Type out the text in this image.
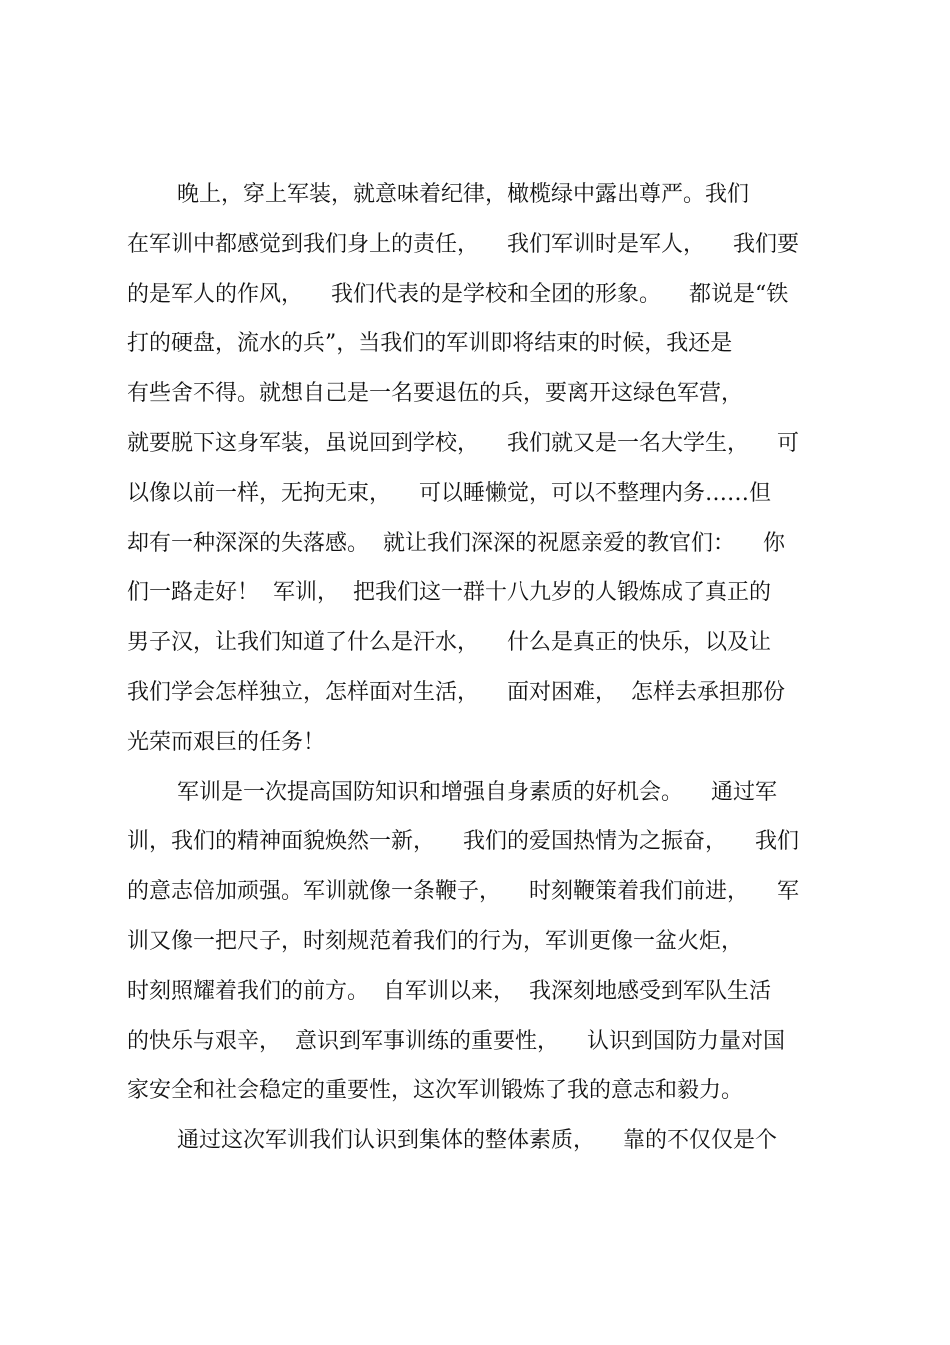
晚上，穿上军装，就意味着纪律，橄榄绿中露出尊严。我们
在军训中都感觉到我们身上的责任，    我们军训时是军人，    我们要
的是军人的作风，    我们代表的是学校和全团的形象。    都说是“铁
打的硬盘，流水的兵”，当我们的军训即将结束的时候，我还是
有些舍不得。就想自己是一名要退伍的兵，要离开这绿色军营，
就要脱下这身军装，虽说回到学校，    我们就又是一名大学生，    可
以像以前一样，无拘无束，    可以睡懒觉，可以不整理内务……但
却有一种深深的失落感。  就让我们深深的祝愿亲爱的教官们：    你
们一路走好！  军训，  把我们这一群十八九岁的人锻炼成了真正的
男子汉，让我们知道了什么是汗水，    什么是真正的快乐，以及让
我们学会怎样独立，怎样面对生活，    面对困难，  怎样去承担那份
光荣而艰巨的任务！
军训是一次提高国防知识和增强自身素质的好机会。    通过军
训，我们的精神面貌焕然一新，    我们的爱国热情为之振奋，    我们
的意志倍加顽强。军训就像一条鞭子，    时刻鞭策着我们前进，    军
训又像一把尺子，时刻规范着我们的行为，军训更像一盆火炬，
时刻照耀着我们的前方。  自军训以来，  我深刻地感受到军队生活
的快乐与艰辛，  意识到军事训练的重要性，    认识到国防力量对国
家安全和社会稳定的重要性，这次军训锻炼了我的意志和毅力。
通过这次军训我们认识到集体的整体素质，    靠的不仅仅是个
